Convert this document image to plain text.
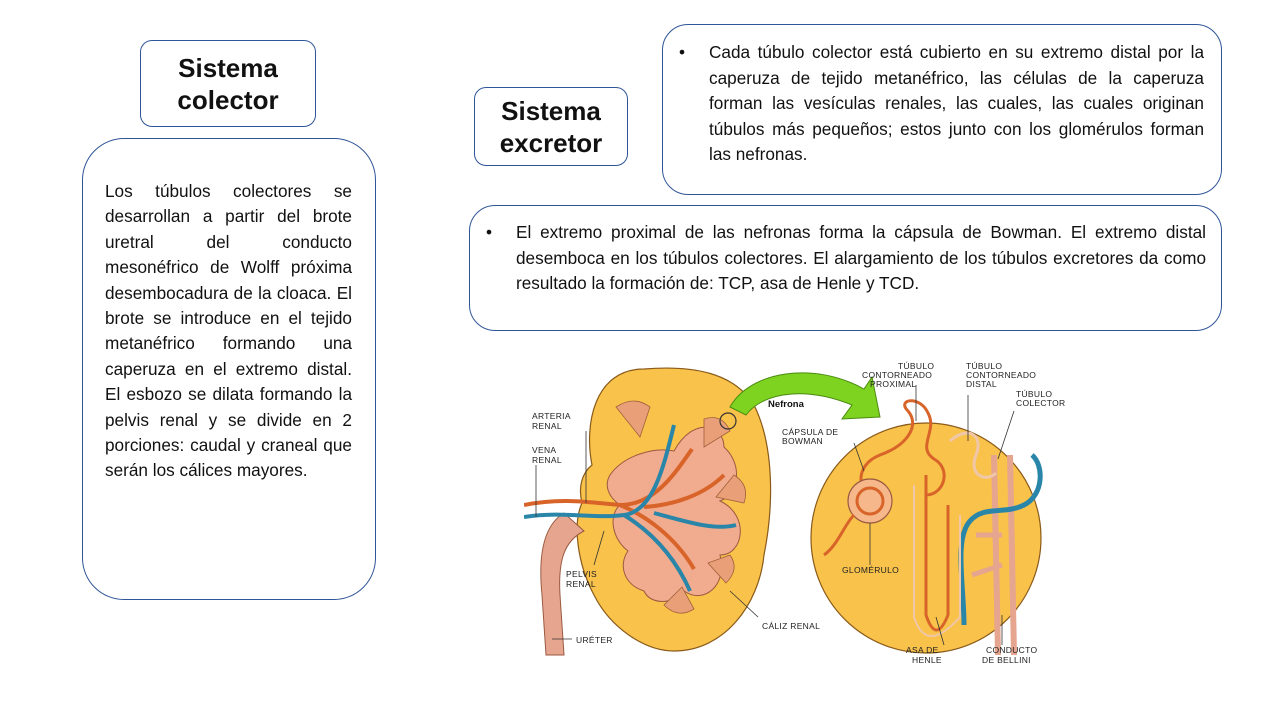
Sistema
colector

Los túbulos colectores se desarrollan a partir del brote uretral del conducto mesonéfrico de Wolff próxima desembocadura de la cloaca. El brote se introduce en el tejido metanéfrico formando una caperuza en el extremo distal. El esbozo se dilata formando la pelvis renal y se divide en 2 porciones: caudal y craneal que serán los cálices mayores.

Sistema
excretor
• Cada túbulo colector está cubierto en su extremo distal por la caperuza de tejido metanéfrico, las células de la caperuza forman las vesículas renales, las cuales, las cuales originan túbulos más pequeños; estos junto con los glomérulos forman las nefronas.
• El extremo proximal de las nefronas forma la cápsula de Bowman. El extremo distal desemboca en los túbulos colectores. El alargamiento de los túbulos excretores da como resultado la formación de: TCP, asa de Henle y TCD.
ARTERIA RENAL
VENA RENAL
PELVIS RENAL
URÉTER
CÁLIZ RENAL
Nefrona
TÚBULO CONTORNEADO PROXIMAL
TÚBULO CONTORNEADO DISTAL
TÚBULO COLECTOR
CÁPSULA DE BOWMAN
GLOMÉRULO
ASA DE HENLE
CONDUCTO DE BELLINI
